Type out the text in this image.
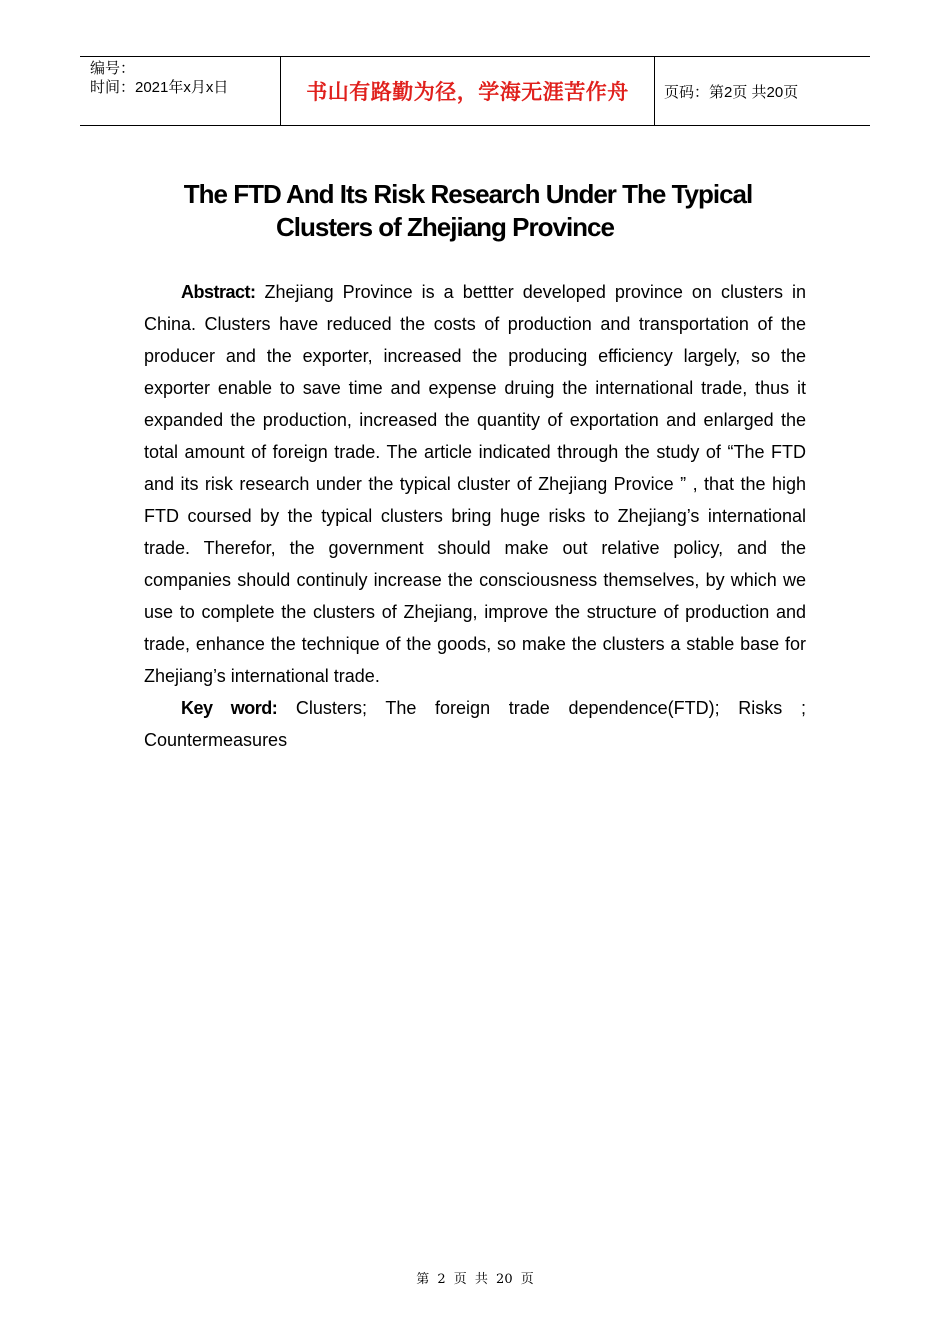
编号：
时间：2021年x月x日	书山有路勤为径，学海无涯苦作舟 页码：第2页 共20页
The FTD And Its Risk Research Under The Typical
Clusters of Zhejiang Province

Abstract: Zhejiang Province is a bettter developed province on clusters in China. Clusters have reduced the costs of production and transportation of the producer and the exporter, increased the producing efficiency largely, so the exporter enable to save time and expense druing the international trade, thus it expanded the production, increased the quantity of exportation and enlarged the total amount of foreign trade. The article indicated through the study of “The FTD and its risk research under the typical cluster of Zhejiang Provice ” , that the high FTD coursed by the typical clusters bring huge risks to Zhejiang’s international trade. Therefor, the government should make out relative policy, and the companies should continuly increase the consciousness themselves, by which we use to complete the clusters of Zhejiang, improve the structure of production and trade, enhance the technique of the goods, so make the clusters a stable base for Zhejiang’s international trade.

Key word: Clusters; The foreign trade dependence(FTD); Risks ; Countermeasures

第 2 页 共 20 页
